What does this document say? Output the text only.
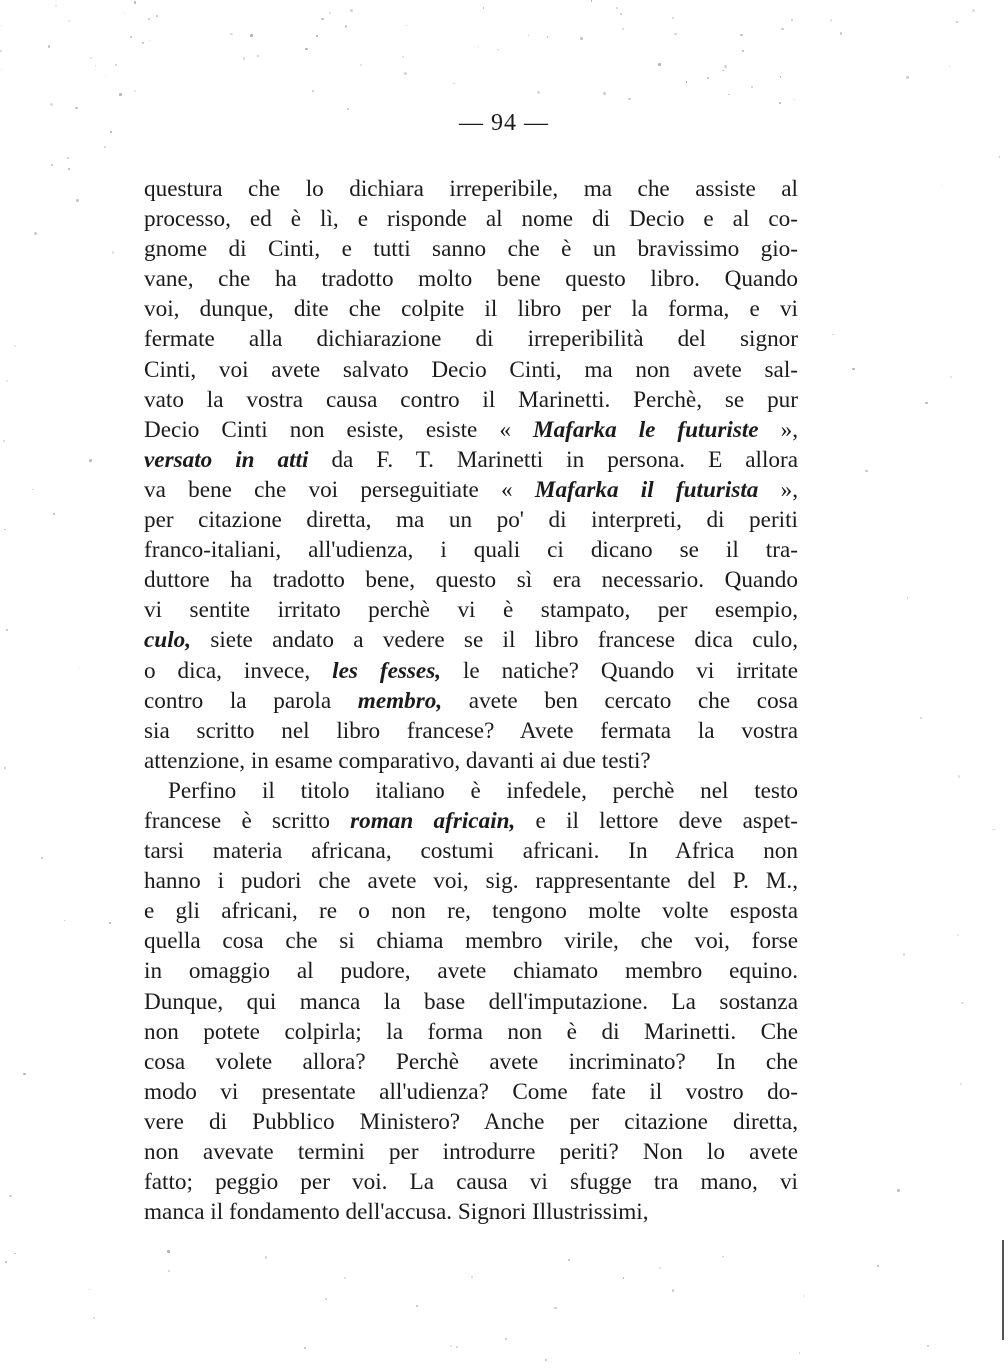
— 94 —
questura che lo dichiara irreperibile, ma che assiste al
processo, ed è lì, e risponde al nome di Decio e al co-
gnome di Cinti, e tutti sanno che è un bravissimo gio-
vane, che ha tradotto molto bene questo libro. Quando
voi, dunque, dite che colpite il libro per la forma, e vi
fermate alla dichiarazione di irreperibilità del signor
Cinti, voi avete salvato Decio Cinti, ma non avete sal-
vato la vostra causa contro il Marinetti. Perchè, se pur
Decio Cinti non esiste, esiste « Mafarka le futuriste »,
versato in atti da F. T. Marinetti in persona. E allora
va bene che voi perseguitiate « Mafarka il futurista »,
per citazione diretta, ma un po' di interpreti, di periti
franco-italiani, all'udienza, i quali ci dicano se il tra-
duttore ha tradotto bene, questo sì era necessario. Quando
vi sentite irritato perchè vi è stampato, per esempio,
culo, siete andato a vedere se il libro francese dica culo,
o dica, invece, les fesses, le natiche? Quando vi irritate
contro la parola membro, avete ben cercato che cosa
sia scritto nel libro francese? Avete fermata la vostra
attenzione, in esame comparativo, davanti ai due testi?
Perfino il titolo italiano è infedele, perchè nel testo
francese è scritto roman africain, e il lettore deve aspet-
tarsi materia africana, costumi africani. In Africa non
hanno i pudori che avete voi, sig. rappresentante del P. M.,
e gli africani, re o non re, tengono molte volte esposta
quella cosa che si chiama membro virile, che voi, forse
in omaggio al pudore, avete chiamato membro equino.
Dunque, qui manca la base dell'imputazione. La sostanza
non potete colpirla; la forma non è di Marinetti. Che
cosa volete allora? Perchè avete incriminato? In che
modo vi presentate all'udienza? Come fate il vostro do-
vere di Pubblico Ministero? Anche per citazione diretta,
non avevate termini per introdurre periti? Non lo avete
fatto; peggio per voi. La causa vi sfugge tra mano, vi
manca il fondamento dell'accusa. Signori Illustrissimi,
